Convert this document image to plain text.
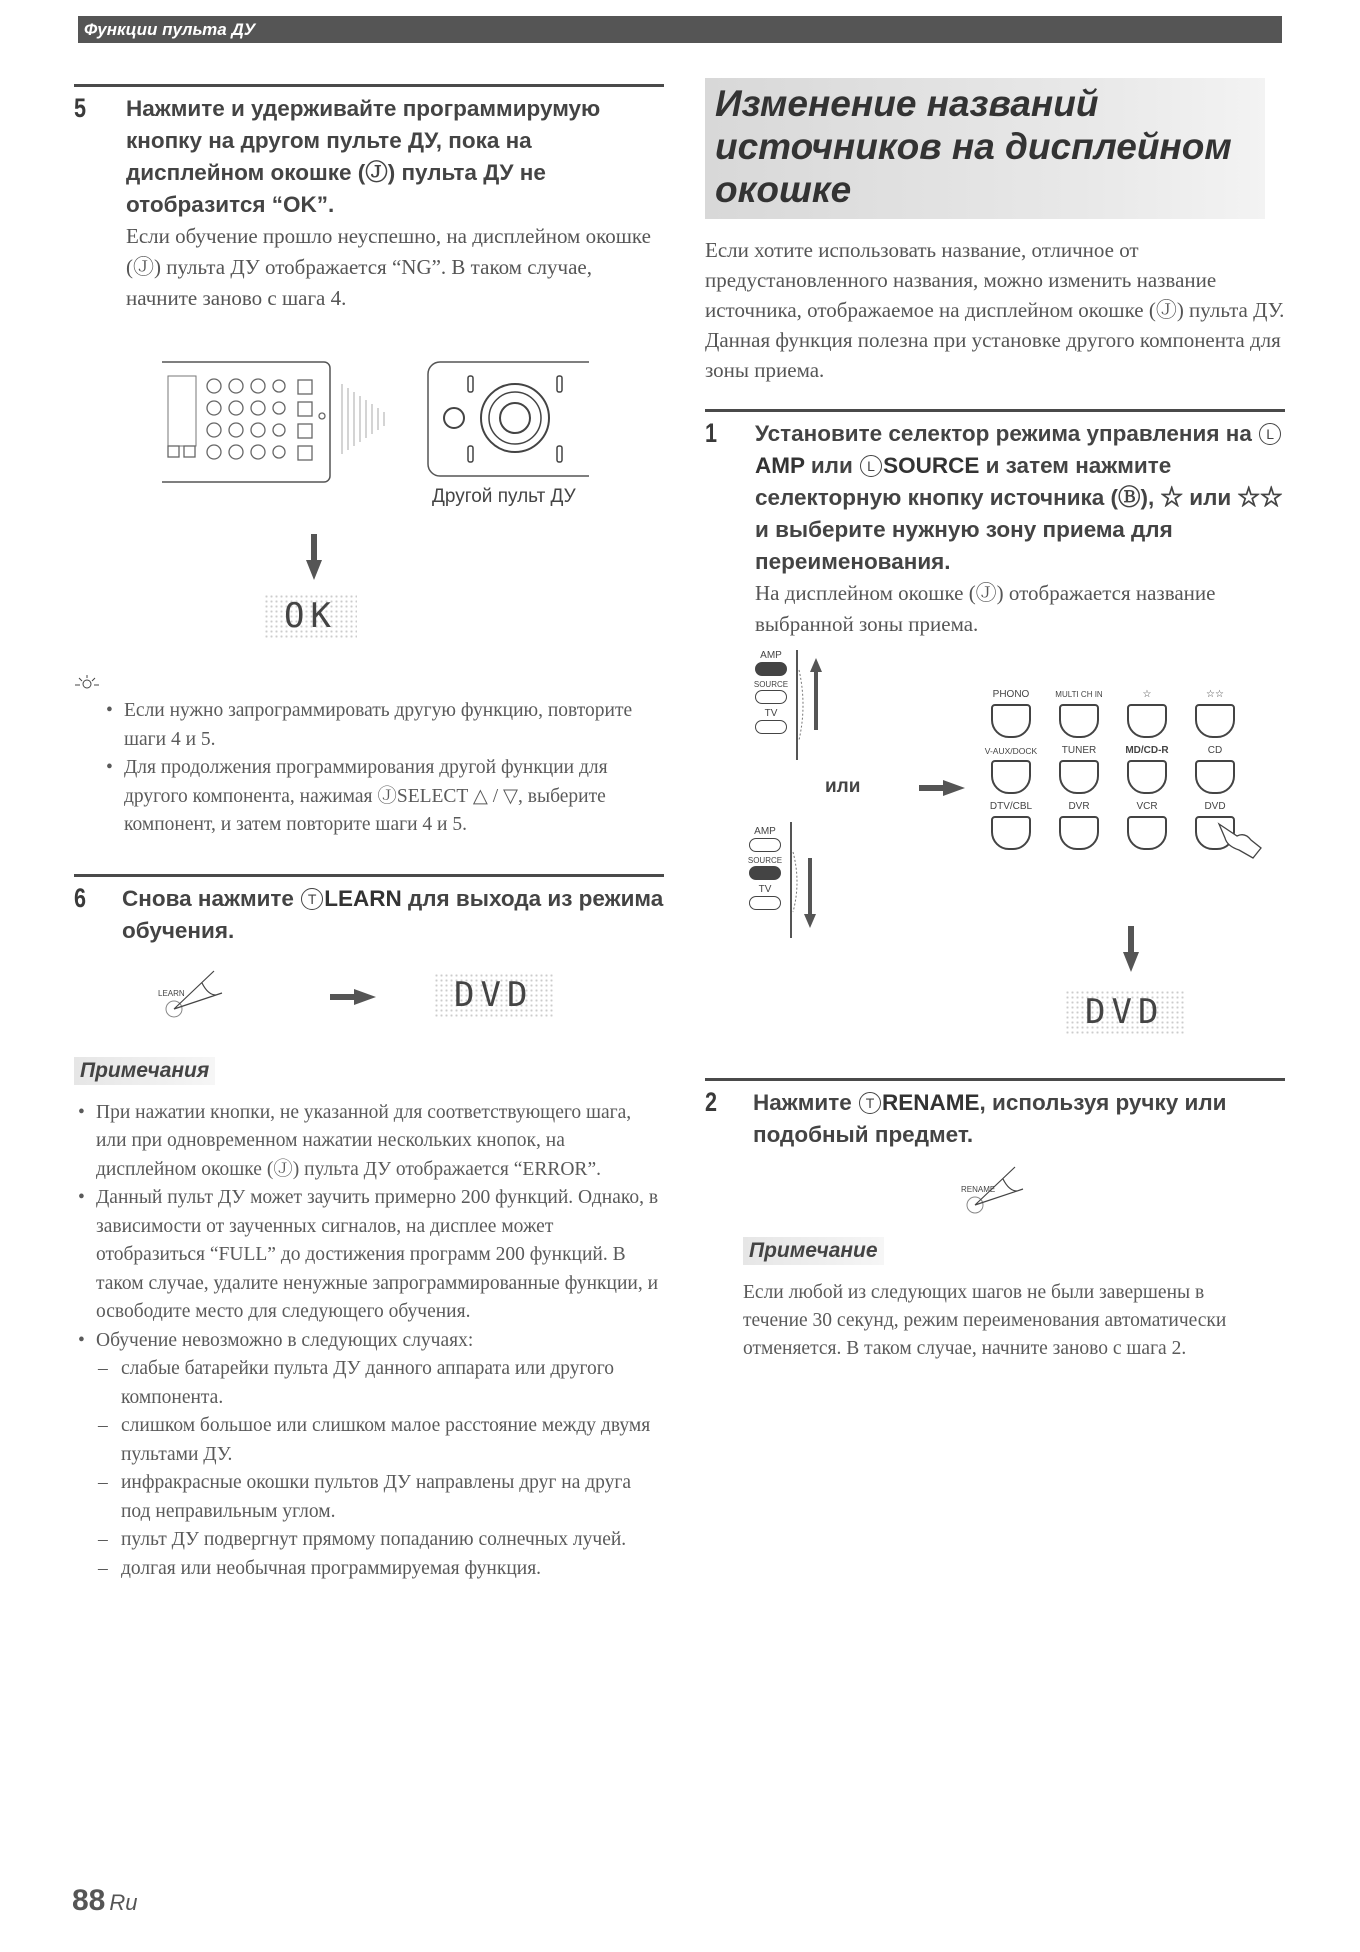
Функции пульта ДУ
5 Нажмите и удерживайте программирумую кнопку на другом пульте ДУ, пока на дисплейном окошке (Ⓙ) пульта ДУ не отобразится “OK”.
Если обучение прошло неуспешно, на дисплейном окошке (Ⓙ) пульта ДУ отображается “NG”. В таком случае, начните заново с шага 4.
Другой пульт ДУ
OK
• Если нужно запрограммировать другую функцию, повторите шаги 4 и 5.
• Для продолжения программирования другой функции для другого компонента, нажимая ⒿSELECT △ / ▽, выберите компонент, и затем повторите шаги 4 и 5.
6 Снова нажмите T LEARN для выхода из режима обучения.
LEARN	DVD
Примечания
• При нажатии кнопки, не указанной для соответствующего шага, или при одновременном нажатии нескольких кнопок, на дисплейном окошке (Ⓙ) пульта ДУ отображается “ERROR”.
• Данный пульт ДУ может заучить примерно 200 функций. Однако, в зависимости от заученных сигналов, на дисплее может отобразиться “FULL” до достижения программ 200 функций. В таком случае, удалите ненужные запрограммированные функции, и освободите место для следующего обучения.
• Обучение невозможно в следующих случаях:
– слабые батарейки пульта ДУ данного аппарата или другого компонента.
– слишком большое или слишком малое расстояние между двумя пультами ДУ.
– инфракрасные окошки пультов ДУ направлены друг на друга под неправильным углом.
– пульт ДУ подвергнут прямому попаданию солнечных лучей.
– долгая или необычная программируемая функция.
Изменение названий источников на дисплейном окошке
Если хотите использовать название, отличное от предустановленного названия, можно изменить название источника, отображаемое на дисплейном окошке (Ⓙ) пульта ДУ. Данная функция полезна при установке другого компонента для зоны приема.
1 Установите селектор режима управления на LAMP или L SOURCE и затем нажмите селекторную кнопку источника (Ⓑ), ☆ или ☆☆ и выберите нужную зону приема для переименования.
На дисплейном окошке (Ⓙ) отображается название выбранной зоны приема.
AMP
SOURCE
TV
AMP
SOURCE
TV
или
PHONO	MULTI CH IN	☆	☆☆
V-AUX/DOCK	TUNER	MD/CD-R	CD
DTV/CBL	DVR	VCR	DVD
DVD
2 Нажмите T RENAME, используя ручку или подобный предмет.
RENAME
Примечание
Если любой из следующих шагов не были завершены в течение 30 секунд, режим переименования автоматически отменяется. В таком случае, начните заново с шага 2.
88 Ru
